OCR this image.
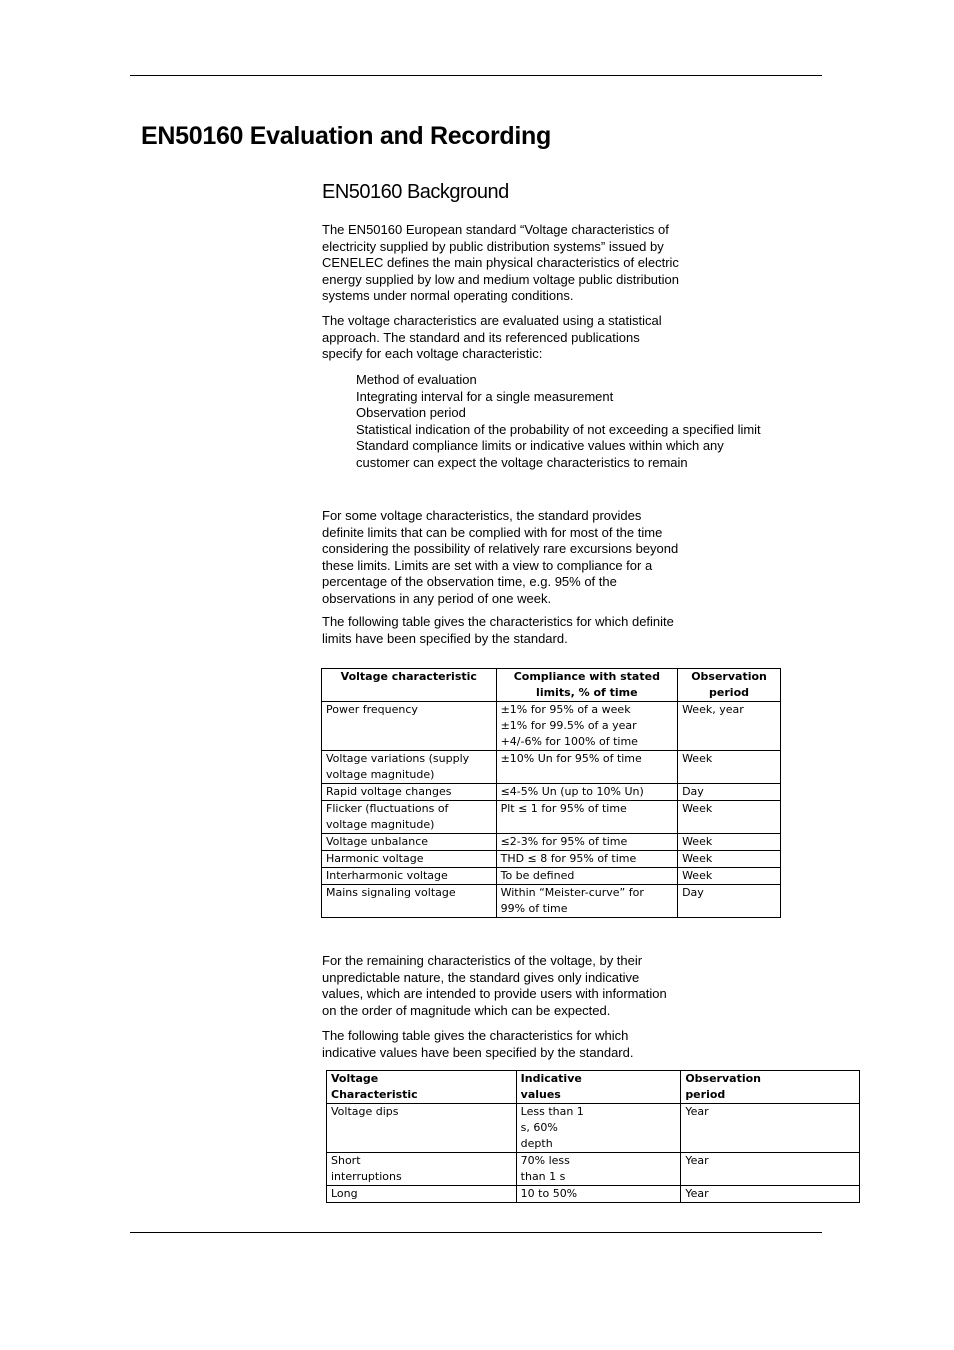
EN50160 Evaluation and Recording
EN50160 Background

The EN50160 European standard “Voltage characteristics of
electricity supplied by public distribution systems” issued by
CENELEC defines the main physical characteristics of electric
energy supplied by low and medium voltage public distribution
systems under normal operating conditions.

The voltage characteristics are evaluated using a statistical
approach. The standard and its referenced publications
specify for each voltage characteristic:

Method of evaluation
Integrating interval for a single measurement
Observation period
Statistical indication of the probability of not exceeding a specified limit
Standard compliance limits or indicative values within which any
customer can expect the voltage characteristics to remain

For some voltage characteristics, the standard provides
definite limits that can be complied with for most of the time
considering the possibility of relatively rare excursions beyond
these limits. Limits are set with a view to compliance for a
percentage of the observation time, e.g. 95% of the
observations in any period of one week.

The following table gives the characteristics for which definite
limits have been specified by the standard.

Voltage characteristic	Compliance with stated
limits, % of time	Observation
period
Power frequency	±1% for 95% of a week
±1% for 99.5% of a year
+4/-6% for 100% of time	Week, year
Voltage variations (supply
voltage magnitude)	±10% Un for 95% of time	Week
Rapid voltage changes	≤4-5% Un (up to 10% Un)	Day
Flicker (fluctuations of
voltage magnitude)	Plt ≤ 1 for 95% of time	Week
Voltage unbalance	≤2-3% for 95% of time	Week
Harmonic voltage	THD ≤ 8 for 95% of time	Week
Interharmonic voltage	To be defined	Week
Mains signaling voltage	Within “Meister-curve” for
99% of time	Day

For the remaining characteristics of the voltage, by their
unpredictable nature, the standard gives only indicative
values, which are intended to provide users with information
on the order of magnitude which can be expected.

The following table gives the characteristics for which
indicative values have been specified by the standard.

Voltage
Characteristic	Indicative
values	Observation
period
Voltage dips	Less than 1
s, 60%
depth	Year
Short
interruptions	70% less
than 1 s	Year
Long	10 to 50%	Year
